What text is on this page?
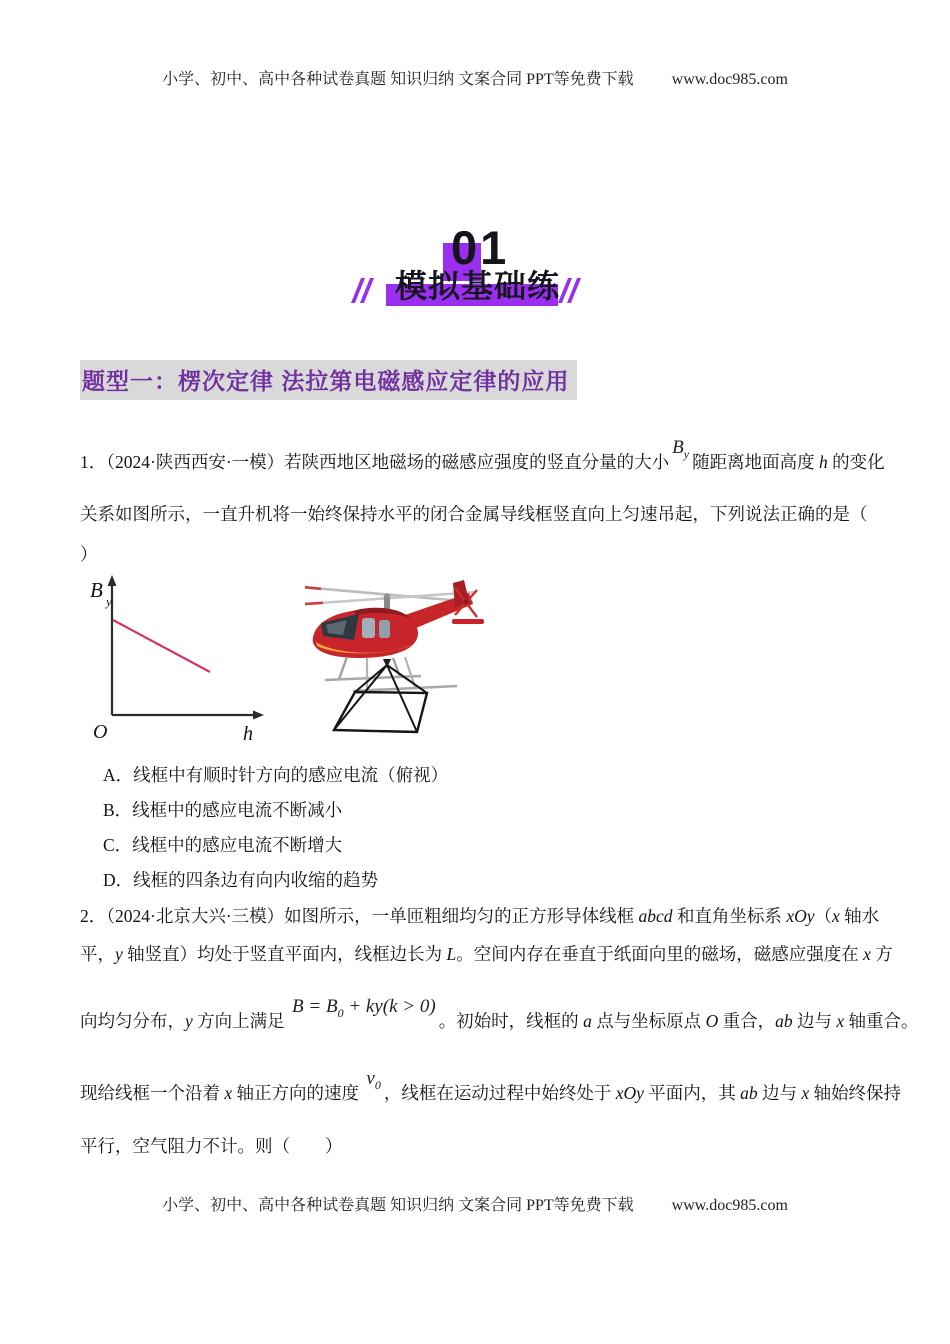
小学、初中、高中各种试卷真题 知识归纳 文案合同 PPT等免费下载 www.doc985.com
01
模拟基础练
题型一：楞次定律 法拉第电磁感应定律的应用
1．（2024·陕西西安·一模）若陕西地区地磁场的磁感应强度的竖直分量的大小$B_y$ 随距离地面高度 h 的变化
关系如图所示，一直升机将一始终保持水平的闭合金属导线框竖直向上匀速吊起，下列说法正确的是（
）
B y
O	h
A．线框中有顺时针方向的感应电流（俯视）
B．线框中的感应电流不断减小
C．线框中的感应电流不断增大
D．线框的四条边有向内收缩的趋势
2．（2024·北京大兴·三模）如图所示，一单匝粗细均匀的正方形导体线框 abcd 和直角坐标系 xOy（x 轴水
平，y 轴竖直）均处于竖直平面内，线框边长为 L。空间内存在垂直于纸面向里的磁场，磁感应强度在 x 方
向均匀分布，y 方向上满足 $B = B_0 + ky(k > 0)$。初始时，线框的 a 点与坐标原点 O 重合，ab 边与 x 轴重合。
现给线框一个沿着 x 轴正方向的速度 $v_0$ ，线框在运动过程中始终处于 xOy 平面内，其 ab 边与 x 轴始终保持
平行，空气阻力不计。则（　　）
小学、初中、高中各种试卷真题 知识归纳 文案合同 PPT等免费下载 www.doc985.com
